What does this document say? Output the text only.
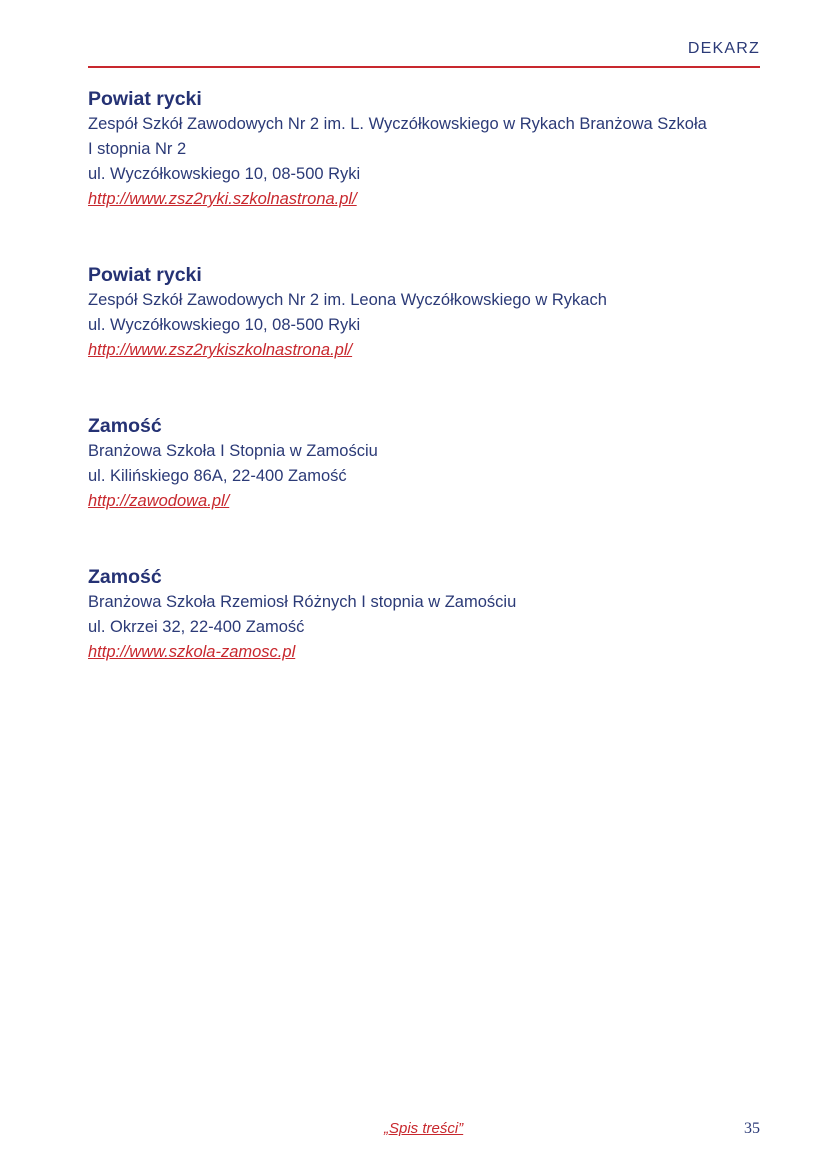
DEKARZ
Powiat rycki
Zespół Szkół Zawodowych Nr 2 im. L. Wyczółkowskiego w Rykach Branżowa Szkoła
I stopnia Nr 2
ul. Wyczółkowskiego 10, 08-500 Ryki
http://www.zsz2ryki.szkolnastrona.pl/
Powiat rycki
Zespół Szkół Zawodowych Nr 2 im. Leona Wyczółkowskiego w Rykach
ul. Wyczółkowskiego 10, 08-500 Ryki
http://www.zsz2rykiszkolnastrona.pl/
Zamość
Branżowa Szkoła I Stopnia w Zamościu
ul. Kilińskiego 86A, 22-400 Zamość
http://zawodowa.pl/
Zamość
Branżowa Szkoła Rzemiosł Różnych I stopnia w Zamościu
ul. Okrzei 32, 22-400 Zamość
http://www.szkola-zamosc.pl
„Spis treści”	35
